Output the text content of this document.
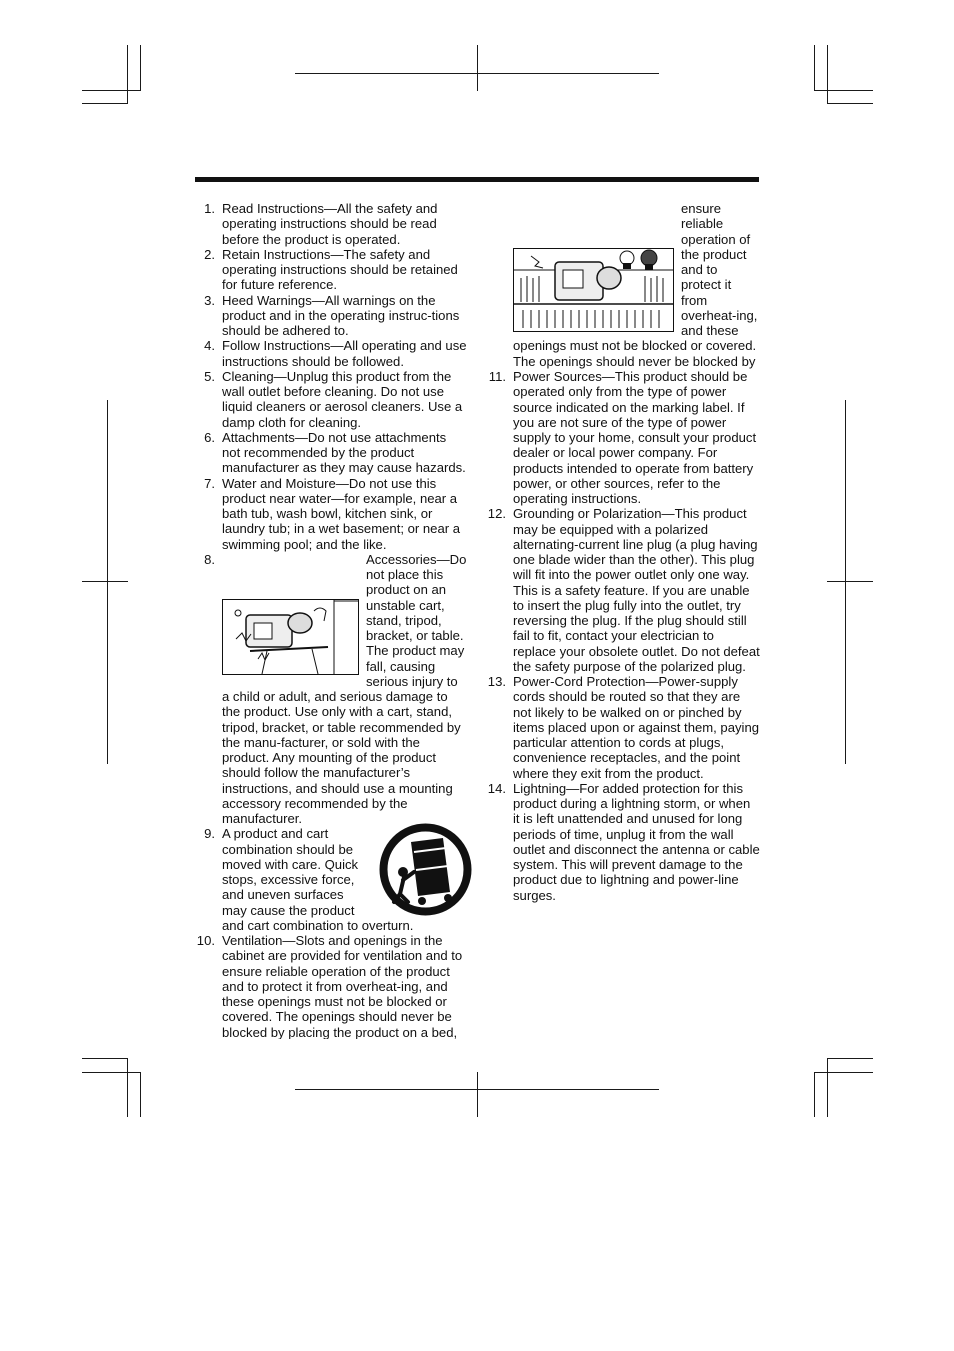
1. Read Instructions—All the safety and operating instructions should be read before the product is operated.
2. Retain Instructions—The safety and operating instructions should be retained for future reference.
3. Heed Warnings—All warnings on the product and in the operating instruc-tions should be adhered to.
4. Follow Instructions—All operating and use instructions should be followed.
5. Cleaning—Unplug this product from the wall outlet before cleaning. Do not use liquid cleaners or aerosol cleaners. Use a damp cloth for cleaning.
6. Attachments—Do not use attachments not recommended by the product manufacturer as they may cause hazards.
7. Water and Moisture—Do not use this product near water—for example, near a bath tub, wash bowl, kitchen sink, or laundry tub; in a wet basement; or near a swimming pool; and the like.
8.	Accessories—Do not place this product on an unstable cart, stand, tripod, bracket, or table. The product may fall, causing serious injury to a child or adult, and serious damage to the product. Use only with a cart, stand, tripod, bracket, or table recommended by the manu-facturer, or sold with the product. Any mounting of the product should follow the manufacturer’s instructions, and should use a mounting accessory recommended by the manufacturer.
9. A product and cart combination should be moved with care. Quick stops, excessive force, and uneven surfaces may cause the product and cart combination to overturn.
10. Ventilation—Slots and openings in the cabinet are provided for ventilation and to ensure reliable operation of the product and to protect it from overheat-ing, and these openings must not be blocked or covered. The openings should never be blocked by placing the product on a bed,
ensure reliable operation of the product and to protect it from overheat-ing, and these openings must not be blocked or covered. The openings should never be blocked by
11. Power Sources—This product should be operated only from the type of power source indicated on the marking label. If you are not sure of the type of power supply to your home, consult your product dealer or local power company. For products intended to operate from battery power, or other sources, refer to the operating instructions.
12. Grounding or Polarization—This product may be equipped with a polarized alternating-current line plug (a plug having one blade wider than the other). This plug will fit into the power outlet only one way. This is a safety feature. If you are unable to insert the plug fully into the outlet, try reversing the plug. If the plug should still fail to fit, contact your electrician to replace your obsolete outlet. Do not defeat the safety purpose of the polarized plug.
13. Power-Cord Protection—Power-supply cords should be routed so that they are not likely to be walked on or pinched by items placed upon or against them, paying particular attention to cords at plugs, convenience receptacles, and the point where they exit from the product.
14. Lightning—For added protection for this product during a lightning storm, or when it is left unattended and unused for long periods of time, unplug it from the wall outlet and disconnect the antenna or cable system. This will prevent damage to the product due to lightning and power-line surges.
